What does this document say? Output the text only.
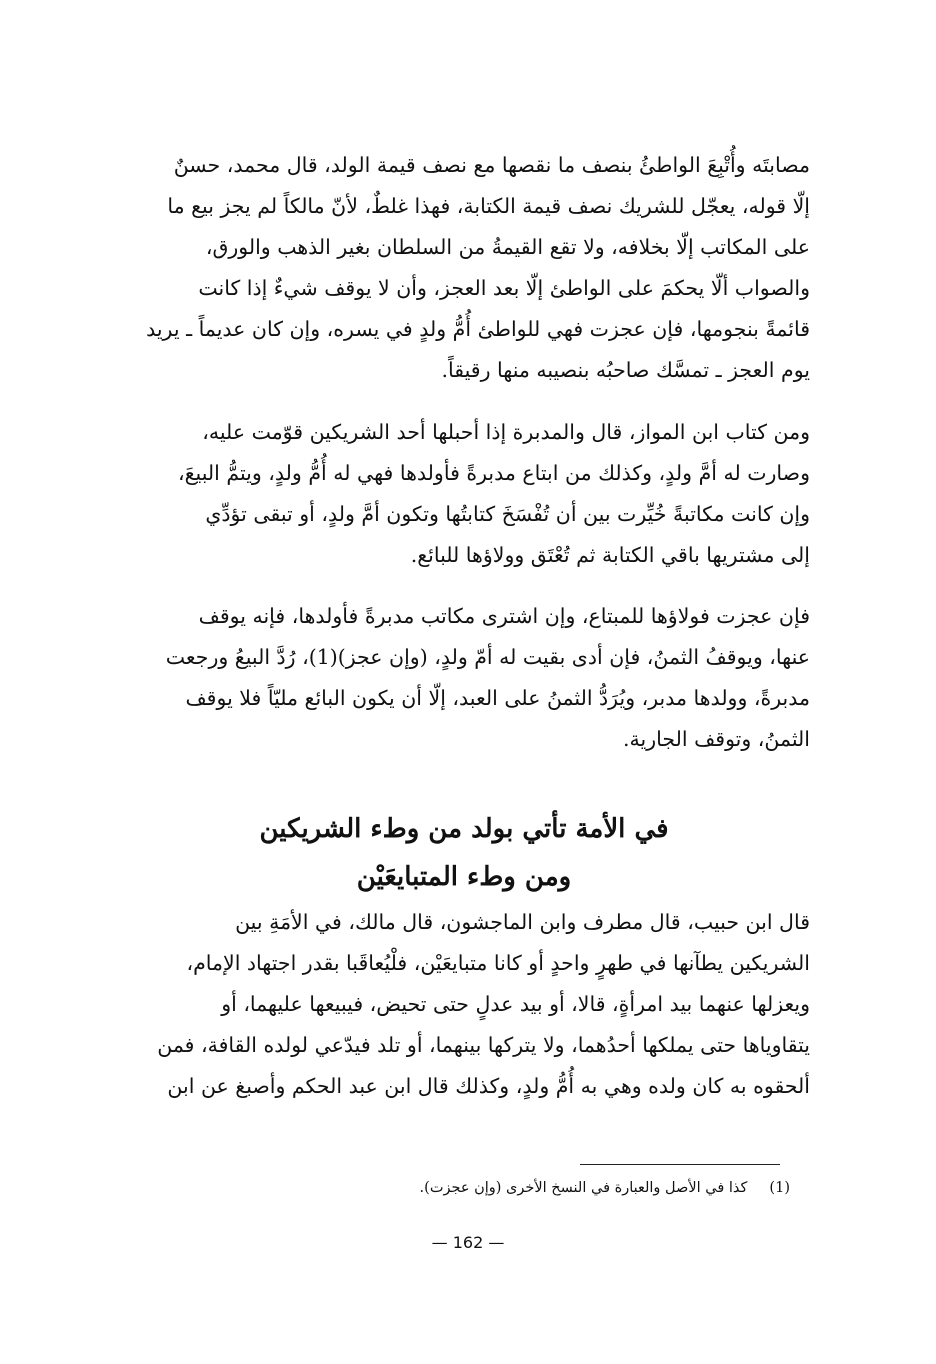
مصابتَه وأُتْبِعَ الواطئُ بنصف ما نقصها مع نصف قيمة الولد، قال محمد، حسنٌ
إلّا قوله، يعجّل للشريك نصف قيمة الكتابة، فهذا غلطٌ، لأنّ مالكاً لم يجز بيع ما
على المكاتب إلّا بخلافه، ولا تقع القيمةُ من السلطان بغير الذهب والورق،
والصواب ألّا يحكمَ على الواطئ إلّا بعد العجز، وأن لا يوقف شيءٌ إذا كانت
قائمةً بنجومها، فإن عجزت فهي للواطئ أُمُّ ولدٍ في يسره، وإن كان عديماً ـ يريد
يوم العجز ـ تمسَّك صاحبُه بنصيبه منها رقيقاً.
ومن كتاب ابن المواز، قال والمدبرة إذا أحبلها أحد الشريكين قوّمت عليه،
وصارت له أمَّ ولدٍ، وكذلك من ابتاع مدبرةً فأولدها فهي له أُمُّ ولدٍ، ويتمُّ البيعَ،
وإن كانت مكاتبةً خُيِّرت بين أن تُفْسَخَ كتابتُها وتكون أمَّ ولدٍ، أو تبقى تؤدِّي
إلى مشتريها باقي الكتابة ثم تُعْتَق وولاؤها للبائع.
فإن عجزت فولاؤها للمبتاع، وإن اشترى مكاتب مدبرةً فأولدها، فإنه يوقف
عنها، ويوقفُ الثمنُ، فإن أدى بقيت له أمّ ولدٍ، (وإن عجز)(1)، رُدَّ البيعُ ورجعت
مدبرةً، وولدها مدبر، ويُرَدُّ الثمنُ على العبد، إلّا أن يكون البائع مليّاً فلا يوقف
الثمنُ، وتوقف الجارية.
في الأمة تأتي بولد من وطء الشريكين
ومن وطء المتبايعَيْن
قال ابن حبيب، قال مطرف وابن الماجشون، قال مالك، في الأمَةِ بين
الشريكين يطآنها في طهرٍ واحدٍ أو كانا متبايعَيْن، فلْيُعاقَبا بقدر اجتهاد الإمام،
ويعزلها عنهما بيد امرأةٍ، قالا، أو بيد عدلٍ حتى تحيض، فيبيعها عليهما، أو
يتقاوياها حتى يملكها أحدُهما، ولا يتركها بينهما، أو تلد فيدّعي لولده القافة، فمن
ألحقوه به كان ولده وهي به أُمُّ ولدٍ، وكذلك قال ابن عبد الحكم وأصبغ عن ابن
(1)كذا في الأصل والعبارة في النسخ الأخرى (وإن عجزت).
— 162 —
